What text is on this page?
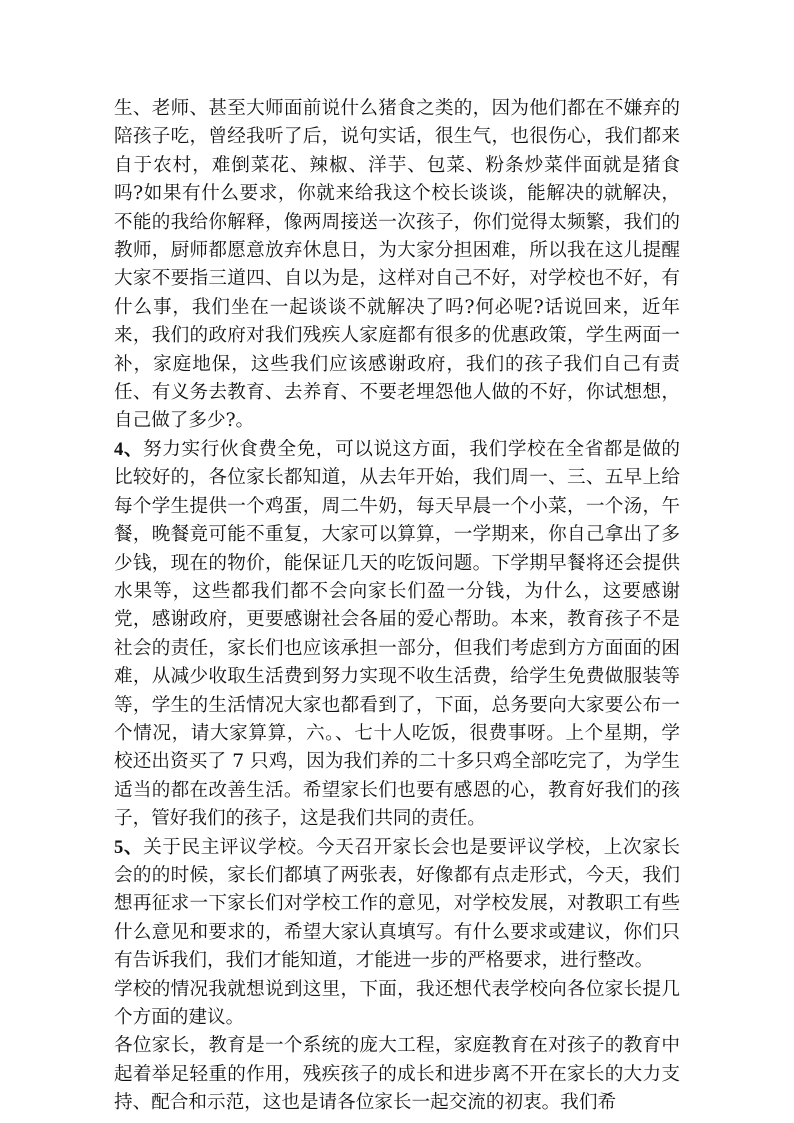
生、老师、甚至大师面前说什么猪食之类的，因为他们都在不嫌弃的陪孩子吃，曾经我听了后，说句实话，很生气，也很伤心，我们都来自于农村，难倒菜花、辣椒、洋芋、包菜、粉条炒菜伴面就是猪食吗?如果有什么要求，你就来给我这个校长谈谈，能解决的就解决，不能的我给你解释，像两周接送一次孩子，你们觉得太频繁，我们的教师，厨师都愿意放弃休息日，为大家分担困难，所以我在这儿提醒大家不要指三道四、自以为是，这样对自己不好，对学校也不好，有什么事，我们坐在一起谈谈不就解决了吗?何必呢?话说回来，近年来，我们的政府对我们残疾人家庭都有很多的优惠政策，学生两面一补，家庭地保，这些我们应该感谢政府，我们的孩子我们自己有责任、有义务去教育、去养育、不要老埋怨他人做的不好，你试想想，自己做了多少?。

4、努力实行伙食费全免，可以说这方面，我们学校在全省都是做的比较好的，各位家长都知道，从去年开始，我们周一、三、五早上给每个学生提供一个鸡蛋，周二牛奶，每天早晨一个小菜，一个汤，午餐，晚餐竟可能不重复，大家可以算算，一学期来，你自己拿出了多少钱，现在的物价，能保证几天的吃饭问题。下学期早餐将还会提供水果等，这些都我们都不会向家长们盈一分钱，为什么，这要感谢党，感谢政府，更要感谢社会各届的爱心帮助。本来，教育孩子不是社会的责任，家长们也应该承担一部分，但我们考虑到方方面面的困难，从减少收取生活费到努力实现不收生活费，给学生免费做服装等等，学生的生活情况大家也都看到了，下面，总务要向大家要公布一个情况，请大家算算，六。、七十人吃饭，很费事呀。上个星期，学校还出资买了 7 只鸡，因为我们养的二十多只鸡全部吃完了，为学生适当的都在改善生活。希望家长们也要有感恩的心，教育好我们的孩子，管好我们的孩子，这是我们共同的责任。

5、关于民主评议学校。今天召开家长会也是要评议学校，上次家长会的的时候，家长们都填了两张表，好像都有点走形式，今天，我们想再征求一下家长们对学校工作的意见，对学校发展，对教职工有些什么意见和要求的，希望大家认真填写。有什么要求或建议，你们只有告诉我们，我们才能知道，才能进一步的严格要求，进行整改。

学校的情况我就想说到这里，下面，我还想代表学校向各位家长提几个方面的建议。

各位家长，教育是一个系统的庞大工程，家庭教育在对孩子的教育中起着举足轻重的作用，残疾孩子的成长和进步离不开在家长的大力支持、配合和示范，这也是请各位家长一起交流的初衷。我们希
